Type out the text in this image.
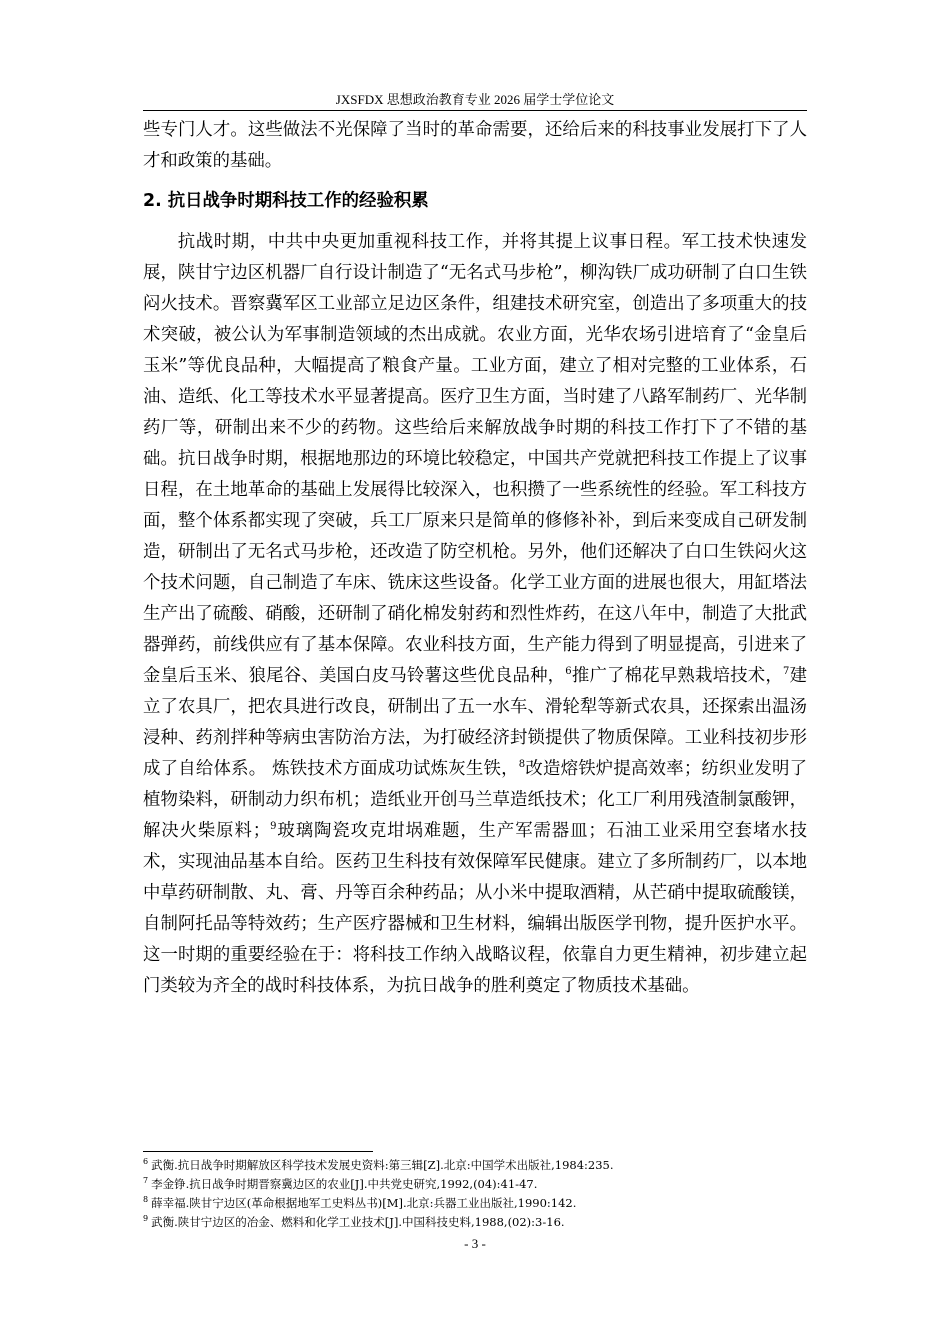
JXSFDX 思想政治教育专业 2026 届学士学位论文

些专门人才。这些做法不光保障了当时的革命需要，还给后来的科技事业发展打下了人才和政策的基础。

2. 抗日战争时期科技工作的经验积累

抗战时期，中共中央更加重视科技工作，并将其提上议事日程。军工技术快速发展，陕甘宁边区机器厂自行设计制造了“无名式马步枪”，柳沟铁厂成功研制了白口生铁闷火技术。晋察冀军区工业部立足边区条件，组建技术研究室，创造出了多项重大的技术突破，被公认为军事制造领域的杰出成就。农业方面，光华农场引进培育了“金皇后玉米”等优良品种，大幅提高了粮食产量。工业方面，建立了相对完整的工业体系，石油、造纸、化工等技术水平显著提高。医疗卫生方面，当时建了八路军制药厂、光华制药厂等，研制出来不少的药物。这些给后来解放战争时期的科技工作打下了不错的基础。抗日战争时期，根据地那边的环境比较稳定，中国共产党就把科技工作提上了议事日程，在土地革命的基础上发展得比较深入，也积攒了一些系统性的经验。军工科技方面，整个体系都实现了突破，兵工厂原来只是简单的修修补补，到后来变成自己研发制造，研制出了无名式马步枪，还改造了防空机枪。另外，他们还解决了白口生铁闷火这个技术问题，自己制造了车床、铣床这些设备。化学工业方面的进展也很大，用缸塔法生产出了硫酸、硝酸，还研制了硝化棉发射药和烈性炸药，在这八年中，制造了大批武器弹药，前线供应有了基本保障。农业科技方面，生产能力得到了明显提高，引进来了金皇后玉米、狼尾谷、美国白皮马铃薯这些优良品种，$^6$推广了棉花早熟栽培技术，$^7$建立了农具厂，把农具进行改良，研制出了五一水车、滑轮犁等新式农具，还探索出温汤浸种、药剂拌种等病虫害防治方法，为打破经济封锁提供了物质保障。工业科技初步形成了自给体系。 炼铁技术方面成功试炼灰生铁，$^8$改造熔铁炉提高效率；纺织业发明了植物染料，研制动力织布机；造纸业开创马兰草造纸技术；化工厂利用残渣制氯酸钾，解决火柴原料；$^9$玻璃陶瓷攻克坩埚难题，生产军需器皿；石油工业采用空套堵水技术，实现油品基本自给。医药卫生科技有效保障军民健康。建立了多所制药厂，以本地中草药研制散、丸、膏、丹等百余种药品；从小米中提取酒精，从芒硝中提取硫酸镁，自制阿托品等特效药；生产医疗器械和卫生材料，编辑出版医学刊物，提升医护水平。这一时期的重要经验在于：将科技工作纳入战略议程，依靠自力更生精神，初步建立起门类较为齐全的战时科技体系，为抗日战争的胜利奠定了物质技术基础。

$^6$ 武衡.抗日战争时期解放区科学技术发展史资料:第三辑[Z].北京:中国学术出版社,1984:235.
$^7$ 李金铮.抗日战争时期晋察冀边区的农业[J].中共党史研究,1992,(04):41-47.
$^8$ 薛幸福.陕甘宁边区(革命根据地军工史料丛书)[M].北京:兵器工业出版社,1990:142.
$^9$ 武衡.陕甘宁边区的冶金、燃料和化学工业技术[J].中国科技史料,1988,(02):3-16.
- 3 -
